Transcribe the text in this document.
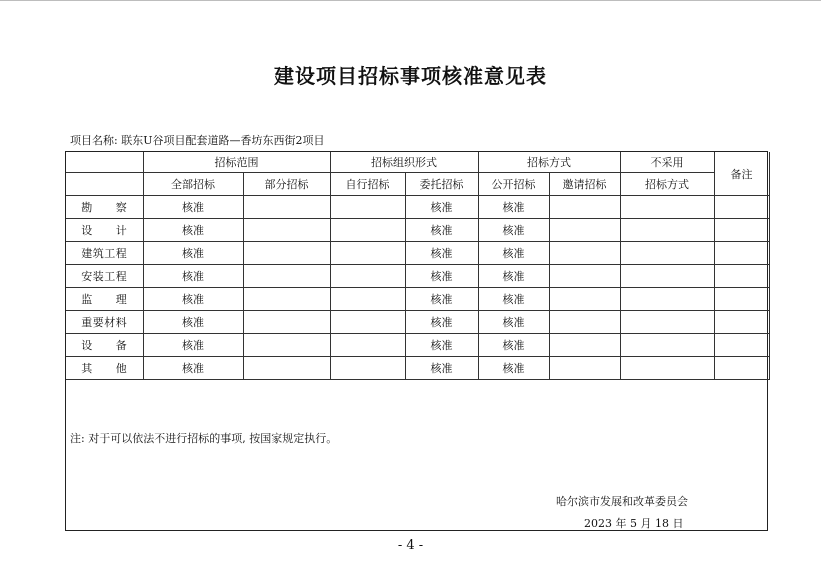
建设项目招标事项核准意见表
项目名称: 联东U谷项目配套道路—香坊东西街2项目
	招标范围		招标组织形式		招标方式		不采用	备注
	全部招标	部分招标	自行招标	委托招标	公开招标	邀请招标	招标方式	
勘　　察	核准			核准	核准			
设　　计	核准			核准	核准			
建筑工程	核准			核准	核准			
安装工程	核准			核准	核准			
监　　理	核准			核准	核准			
重要材料	核准			核准	核准			
设　　备	核准			核准	核准			
其　　他	核准			核准	核准			
注: 对于可以依法不进行招标的事项, 按国家规定执行。
哈尔滨市发展和改革委员会
2023 年 5 月 18 日
- 4 -
